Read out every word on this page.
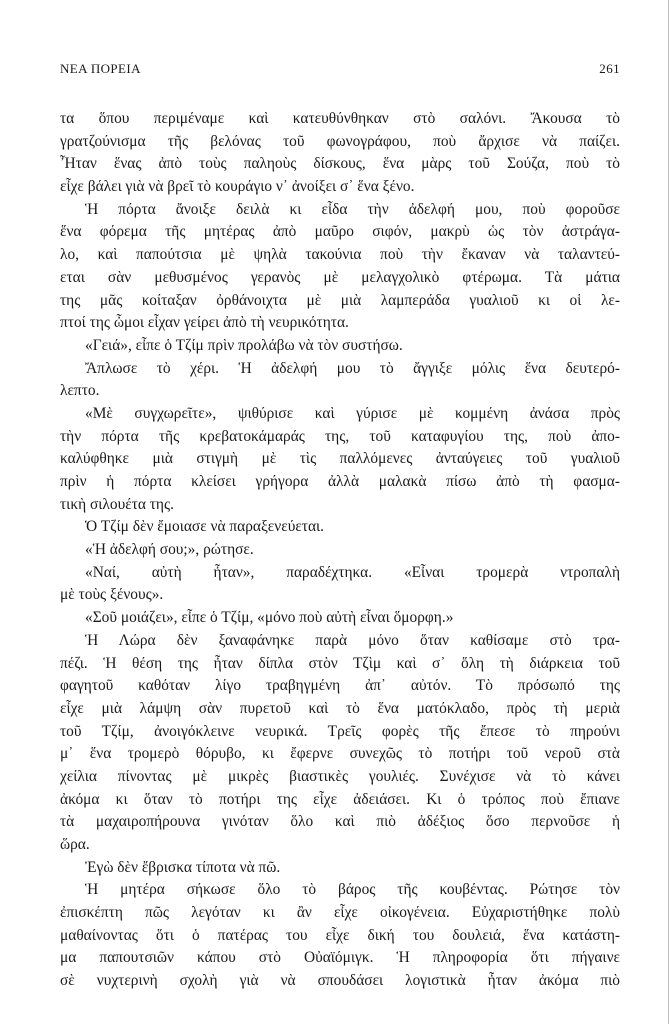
ΝΕΑ ΠΟΡΕΙΑ	261
τα ὅπου περιμέναμε καὶ κατευθύνθηκαν στὸ σαλόνι. Ἄκουσα τὸ
γρατζούνισμα τῆς βελόνας τοῦ φωνογράφου, ποὺ ἄρχισε νὰ παίζει.
Ἦταν ἕνας ἀπὸ τοὺς παληοὺς δίσκους, ἕνα μὰρς τοῦ Σούζα, ποὺ τὸ
εἶχε βάλει γιὰ νὰ βρεῖ τὸ κουράγιο ν᾽ ἀνοίξει σ᾽ ἕνα ξένο.
Ἡ πόρτα ἄνοιξε δειλὰ κι εἶδα τὴν ἀδελφή μου, ποὺ φοροῦσε
ἕνα φόρεμα τῆς μητέρας ἀπὸ μαῦρο σιφόν, μακρὺ ὡς τὸν ἀστράγα-
λο, καὶ παπούτσια μὲ ψηλὰ τακούνια ποὺ τὴν ἔκαναν νὰ ταλαντεύ-
εται σὰν μεθυσμένος γερανὸς μὲ μελαγχολικὸ φτέρωμα. Τὰ μάτια
της μᾶς κοίταξαν ὀρθάνοιχτα μὲ μιὰ λαμπεράδα γυαλιοῦ κι οἱ λε-
πτοί της ὦμοι εἶχαν γείρει ἀπὸ τὴ νευρικότητα.
«Γειά», εἶπε ὁ Τζίμ πρὶν προλάβω νὰ τὸν συστήσω.
Ἄπλωσε τὸ χέρι. Ἡ ἀδελφή μου τὸ ἄγγιξε μόλις ἕνα δευτερό-
λεπτο.
«Μὲ συγχωρεῖτε», ψιθύρισε καὶ γύρισε μὲ κομμένη ἀνάσα πρὸς
τὴν πόρτα τῆς κρεβατοκάμαράς της, τοῦ καταφυγίου της, ποὺ ἀπο-
καλύφθηκε μιὰ στιγμὴ μὲ τὶς παλλόμενες ἀνταύγειες τοῦ γυαλιοῦ
πρὶν ἡ πόρτα κλείσει γρήγορα ἀλλὰ μαλακὰ πίσω ἀπὸ τὴ φασμα-
τικὴ σιλουέτα της.
Ὁ Τζίμ δὲν ἔμοιασε νὰ παραξενεύεται.
«Ἡ ἀδελφή σου;», ρώτησε.
«Ναί, αὐτὴ ἦταν», παραδέχτηκα. «Εἶναι τρομερὰ ντροπαλὴ
μὲ τοὺς ξένους».
«Σοῦ μοιάζει», εἶπε ὁ Τζίμ, «μόνο ποὺ αὐτὴ εἶναι ὅμορφη.»
Ἡ Λώρα δὲν ξαναφάνηκε παρὰ μόνο ὅταν καθίσαμε στὸ τρα-
πέζι. Ἡ θέση της ἦταν δίπλα στὸν Τζὶμ καὶ σ᾽ ὅλη τὴ διάρκεια τοῦ
φαγητοῦ καθόταν λίγο τραβηγμένη ἀπ᾽ αὐτόν. Τὸ πρόσωπό της
εἶχε μιὰ λάμψη σὰν πυρετοῦ καὶ τὸ ἕνα ματόκλαδο, πρὸς τὴ μεριὰ
τοῦ Τζίμ, ἀνοιγόκλεινε νευρικά. Τρεῖς φορὲς τῆς ἔπεσε τὸ πηρούνι
μ᾽ ἕνα τρομερὸ θόρυβο, κι ἔφερνε συνεχῶς τὸ ποτήρι τοῦ νεροῦ στὰ
χείλια πίνοντας μὲ μικρὲς βιαστικὲς γουλιές. Συνέχισε νὰ τὸ κάνει
ἀκόμα κι ὅταν τὸ ποτήρι της εἶχε ἀδειάσει. Κι ὁ τρόπος ποὺ ἔπιανε
τὰ μαχαιροπήρουνα γινόταν ὅλο καὶ πιὸ ἀδέξιος ὅσο περνοῦσε ἡ
ὥρα.
Ἐγὼ δὲν ἔβρισκα τίποτα νὰ πῶ.
Ἡ μητέρα σήκωσε ὅλο τὸ βάρος τῆς κουβέντας. Ρώτησε τὸν
ἐπισκέπτη πῶς λεγόταν κι ἂν εἶχε οἰκογένεια. Εὐχαριστήθηκε πολὺ
μαθαίνοντας ὅτι ὁ πατέρας του εἶχε δική του δουλειά, ἕνα κατάστη-
μα παπουτσιῶν κάπου στὸ Οὐαϊόμιγκ. Ἡ πληροφορία ὅτι πήγαινε
σὲ νυχτερινὴ σχολὴ γιὰ νὰ σπουδάσει λογιστικὰ ἦταν ἀκόμα πιὸ
